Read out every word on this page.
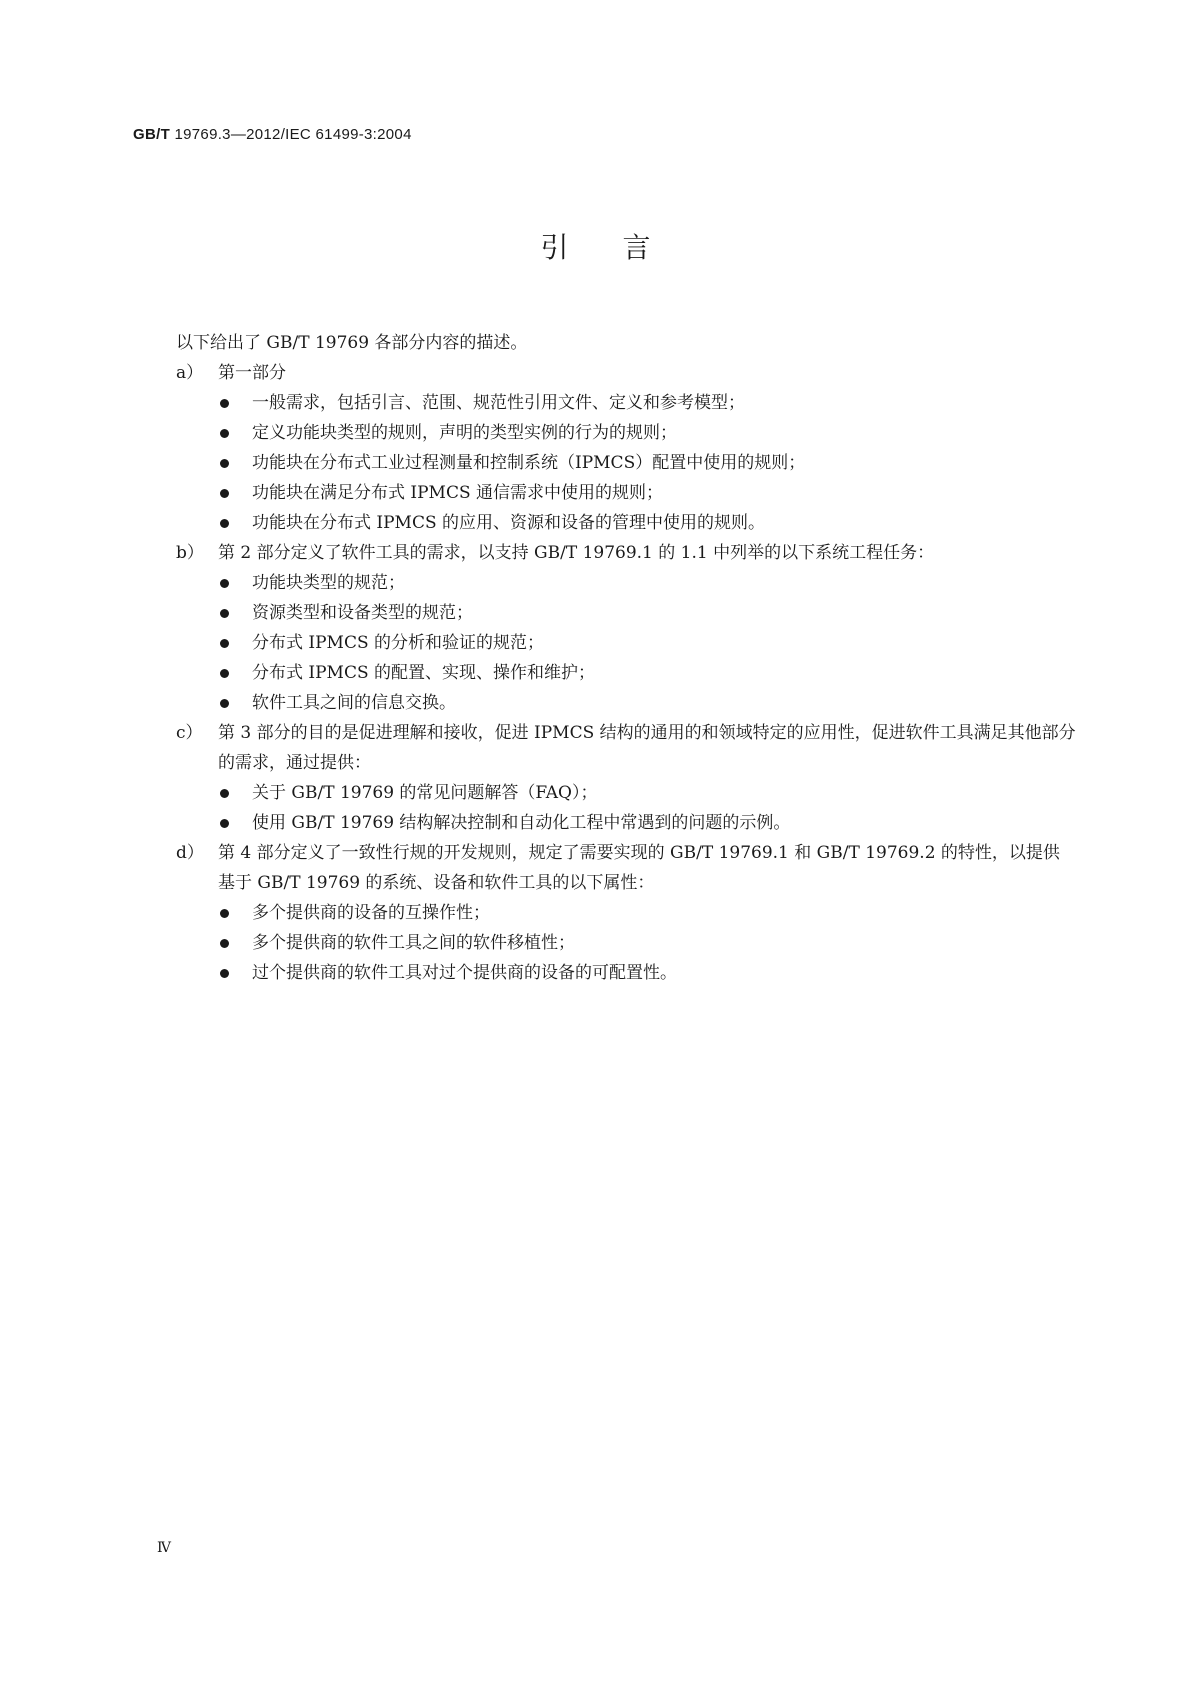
GB/T 19769.3—2012/IEC 61499-3:2004
引言

以下给出了 GB/T 19769 各部分内容的描述。

a） 第一部分
一般需求，包括引言、范围、规范性引用文件、定义和参考模型；
定义功能块类型的规则，声明的类型实例的行为的规则；
功能块在分布式工业过程测量和控制系统（IPMCS）配置中使用的规则；
功能块在满足分布式 IPMCS 通信需求中使用的规则；
功能块在分布式 IPMCS 的应用、资源和设备的管理中使用的规则。
b） 第 2 部分定义了软件工具的需求，以支持 GB/T 19769.1 的 1.1 中列举的以下系统工程任务：
功能块类型的规范；
资源类型和设备类型的规范；
分布式 IPMCS 的分析和验证的规范；
分布式 IPMCS 的配置、实现、操作和维护；
软件工具之间的信息交换。
c） 第 3 部分的目的是促进理解和接收，促进 IPMCS 结构的通用的和领域特定的应用性，促进软件工具满足其他部分的需求，通过提供：
关于 GB/T 19769 的常见问题解答（FAQ）；
使用 GB/T 19769 结构解决控制和自动化工程中常遇到的问题的示例。
d） 第 4 部分定义了一致性行规的开发规则，规定了需要实现的 GB/T 19769.1 和 GB/T 19769.2 的特性，以提供基于 GB/T 19769 的系统、设备和软件工具的以下属性：
多个提供商的设备的互操作性；
多个提供商的软件工具之间的软件移植性；
过个提供商的软件工具对过个提供商的设备的可配置性。
Ⅳ
